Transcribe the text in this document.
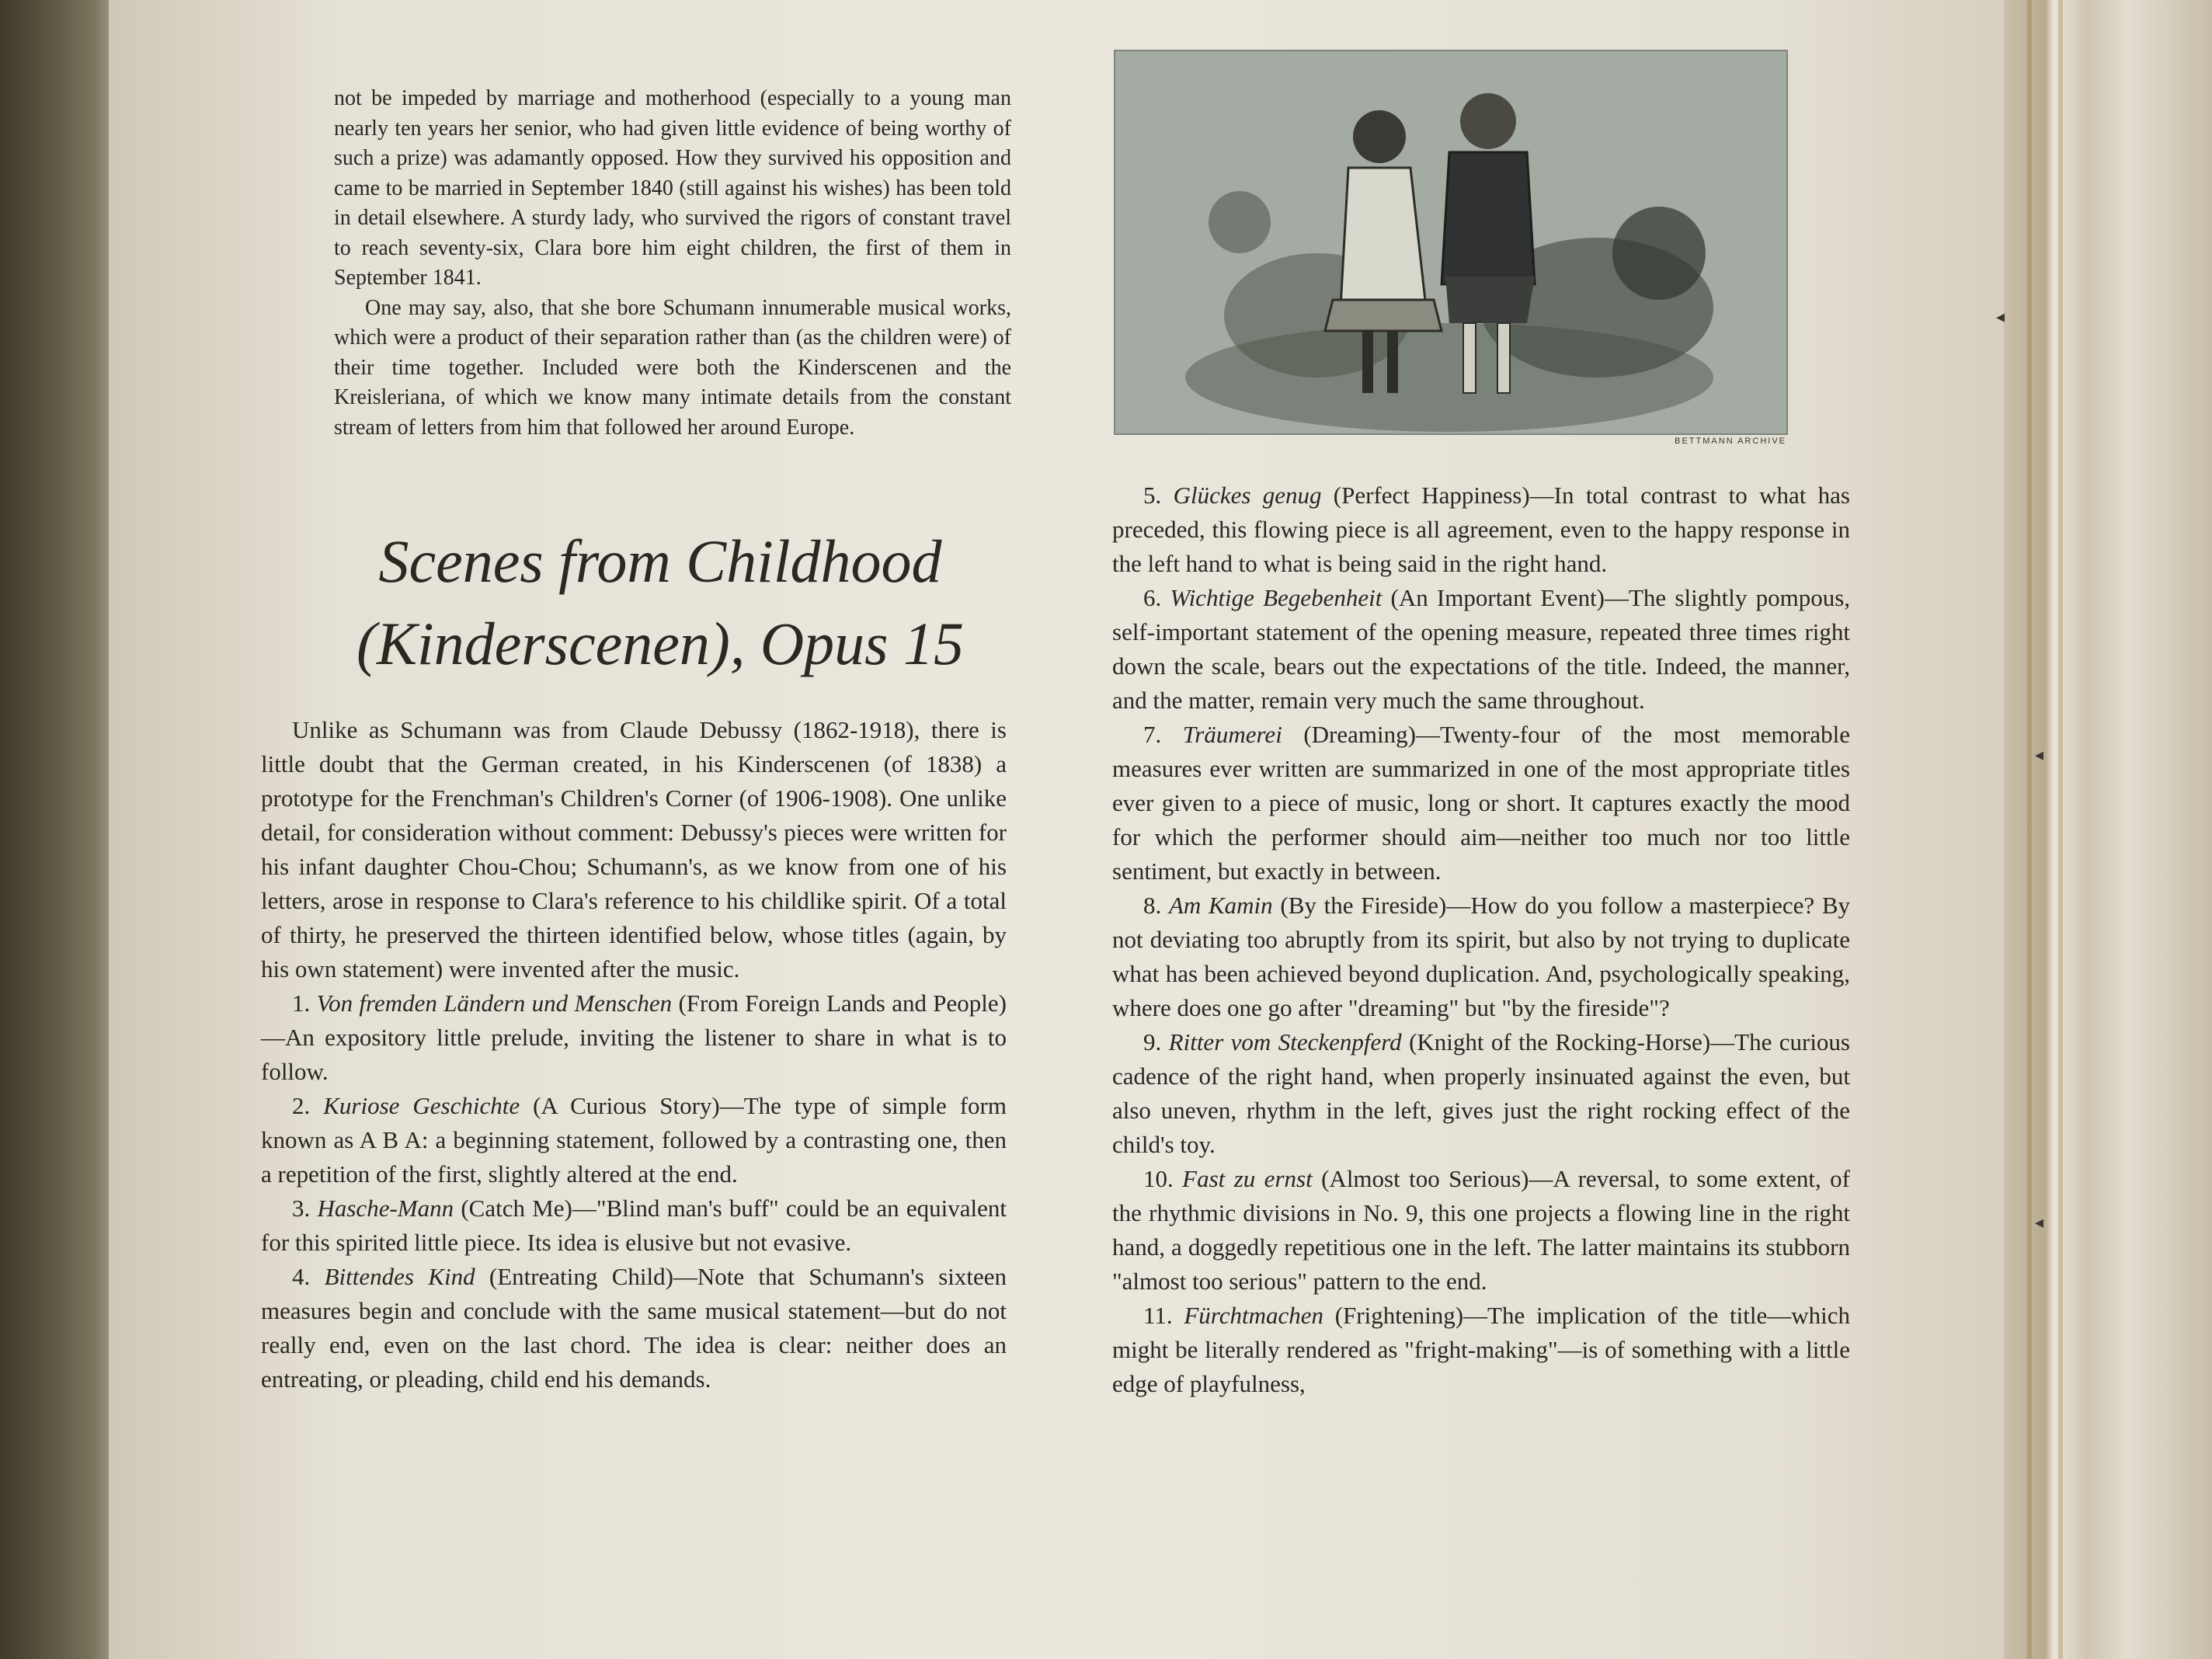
◂
◂
◂

not be impeded by marriage and motherhood (especially to a young man nearly ten years her senior, who had given little evidence of being worthy of such a prize) was adamantly opposed. How they survived his opposition and came to be married in September 1840 (still against his wishes) has been told in detail elsewhere. A sturdy lady, who survived the rigors of constant travel to reach seventy-six, Clara bore him eight children, the first of them in September 1841.

One may say, also, that she bore Schumann innumerable musical works, which were a product of their separation rather than (as the children were) of their time together. Included were both the Kinderscenen and the Kreisleriana, of which we know many intimate details from the constant stream of letters from him that followed her around Europe.

Scenes from Childhood
(Kinderscenen), Opus 15

Unlike as Schumann was from Claude Debussy (1862-1918), there is little doubt that the German created, in his Kinderscenen (of 1838) a prototype for the Frenchman's Children's Corner (of 1906-1908). One unlike detail, for consideration without comment: Debussy's pieces were written for his infant daughter Chou-Chou; Schumann's, as we know from one of his letters, arose in response to Clara's reference to his childlike spirit. Of a total of thirty, he preserved the thirteen identified below, whose titles (again, by his own statement) were invented after the music.

1. Von fremden Ländern und Menschen (From Foreign Lands and People)—An expository little prelude, inviting the listener to share in what is to follow.

2. Kuriose Geschichte (A Curious Story)—The type of simple form known as A B A: a beginning statement, followed by a contrasting one, then a repetition of the first, slightly altered at the end.

3. Hasche-Mann (Catch Me)—"Blind man's buff" could be an equivalent for this spirited little piece. Its idea is elusive but not evasive.

4. Bittendes Kind (Entreating Child)—Note that Schumann's sixteen measures begin and conclude with the same musical statement—but do not really end, even on the last chord. The idea is clear: neither does an entreating, or pleading, child end his demands.

BETTMANN ARCHIVE

5. Glückes genug (Perfect Happiness)—In total contrast to what has preceded, this flowing piece is all agreement, even to the happy response in the left hand to what is being said in the right hand.

6. Wichtige Begebenheit (An Important Event)—The slightly pompous, self-important statement of the opening measure, repeated three times right down the scale, bears out the expectations of the title. Indeed, the manner, and the matter, remain very much the same throughout.

7. Träumerei (Dreaming)—Twenty-four of the most memorable measures ever written are summarized in one of the most appropriate titles ever given to a piece of music, long or short. It captures exactly the mood for which the performer should aim—neither too much nor too little sentiment, but exactly in between.

8. Am Kamin (By the Fireside)—How do you follow a masterpiece? By not deviating too abruptly from its spirit, but also by not trying to duplicate what has been achieved beyond duplication. And, psychologically speaking, where does one go after "dreaming" but "by the fireside"?

9. Ritter vom Steckenpferd (Knight of the Rocking-Horse)—The curious cadence of the right hand, when properly insinuated against the even, but also uneven, rhythm in the left, gives just the right rocking effect of the child's toy.

10. Fast zu ernst (Almost too Serious)—A reversal, to some extent, of the rhythmic divisions in No. 9, this one projects a flowing line in the right hand, a doggedly repetitious one in the left. The latter maintains its stubborn "almost too serious" pattern to the end.

11. Fürchtmachen (Frightening)—The implication of the title—which might be literally rendered as "fright-making"—is of something with a little edge of playfulness,
